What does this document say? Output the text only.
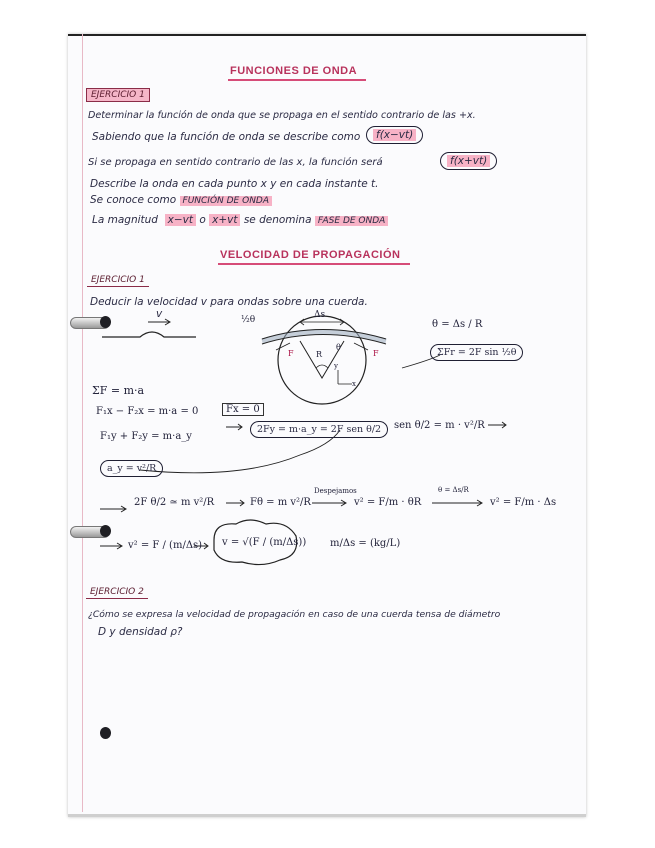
FUNCIONES DE ONDA
EJERCICIO 1
Determinar la función de onda que se propaga en el sentido contrario de las +x.
Sabiendo que la función de onda se describe como	f(x−vt)
Si se propaga en sentido contrario de las x, la función será	f(x+vt)
Describe la onda en cada punto x y en cada instante t.
Se conoce como FUNCIÓN DE ONDA
La magnitud x−vt o x+vt se denomina FASE DE ONDA
VELOCIDAD DE PROPAGACIÓN
EJERCICIO 1
Deducir la velocidad v para ondas sobre una cuerda.
v	½θ	Δs
F	F
R
θ
y
x
θ = Δs / R
ΣFr = 2F sin ½θ
ΣF = m·a
F₁x − F₂x = m·a = 0	Fx = 0
F₁y + F₂y = m·a_y
2Fy = m·a_y = 2F sen θ/2	sen θ/2 = m · v²/R
a_y = v²/R
2F θ/2 ≃ m v²/R	Fθ = m v²/R
Despejamos
v² = F/m · θR
θ = Δs/R
v² = F/m · Δs
v² = F / (m/Δs) v = √(F / (m/Δs)) m/Δs = (kg/L)
EJERCICIO 2
¿Cómo se expresa la velocidad de propagación en caso de una cuerda tensa de diámetro
D y densidad ρ?
